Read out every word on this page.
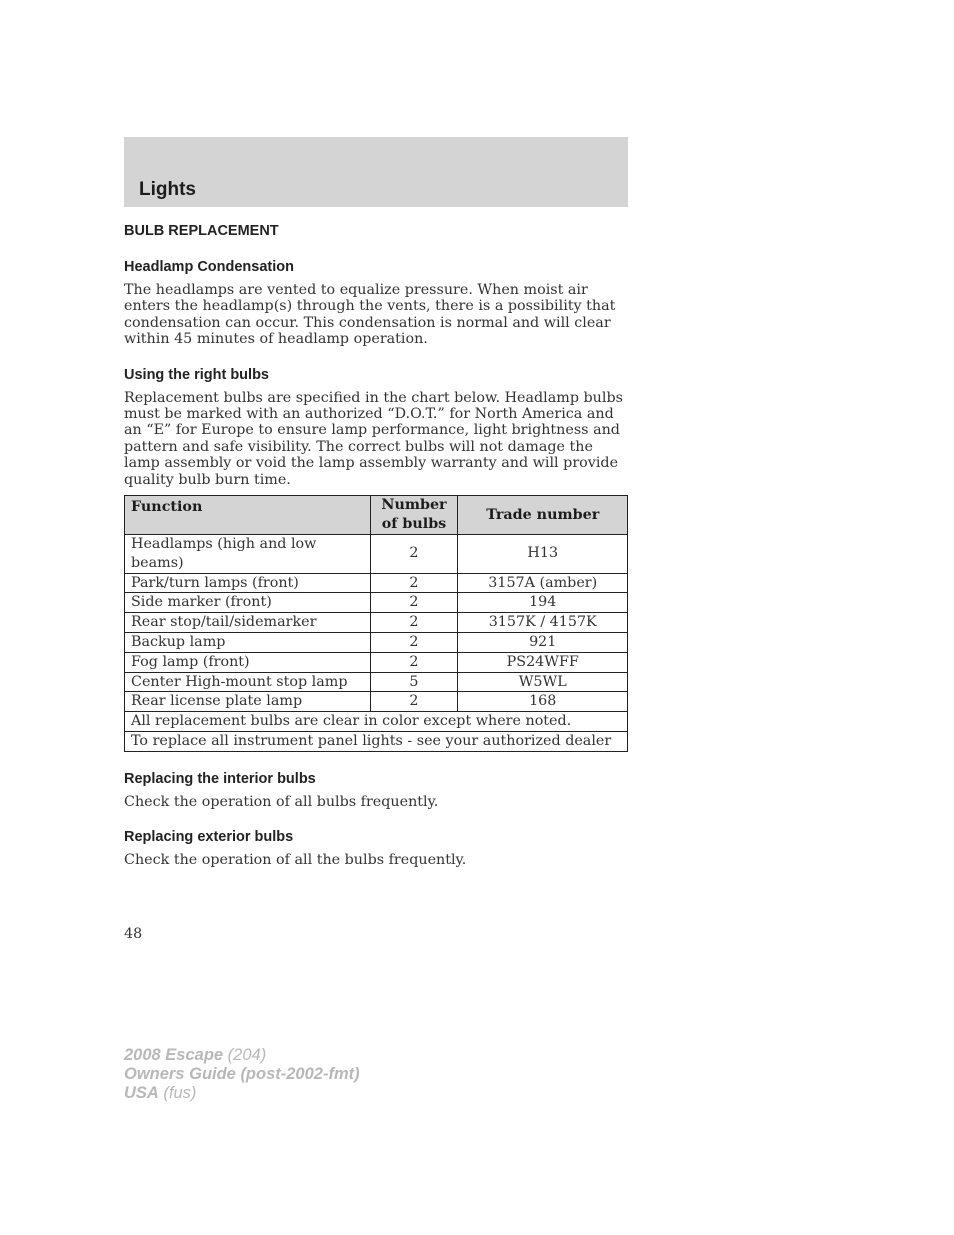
Lights
BULB REPLACEMENT
Headlamp Condensation

The headlamps are vented to equalize pressure. When moist air enters the headlamp(s) through the vents, there is a possibility that condensation can occur. This condensation is normal and will clear within 45 minutes of headlamp operation.

Using the right bulbs

Replacement bulbs are specified in the chart below. Headlamp bulbs must be marked with an authorized “D.O.T.” for North America and an “E” for Europe to ensure lamp performance, light brightness and pattern and safe visibility. The correct bulbs will not damage the lamp assembly or void the lamp assembly warranty and will provide quality bulb burn time.

Function	Number of bulbs	Trade number
Headlamps (high and low beams)	2	H13
Park/turn lamps (front)	2	3157A (amber)
Side marker (front)	2	194
Rear stop/tail/sidemarker	2	3157K / 4157K
Backup lamp	2	921
Fog lamp (front)	2	PS24WFF
Center High-mount stop lamp	5	W5WL
Rear license plate lamp	2	168
All replacement bulbs are clear in color except where noted.		
To replace all instrument panel lights - see your authorized dealer		
Replacing the interior bulbs

Check the operation of all bulbs frequently.

Replacing exterior bulbs

Check the operation of all the bulbs frequently.

48
2008 Escape (204)
Owners Guide (post-2002-fmt)
USA (fus)
